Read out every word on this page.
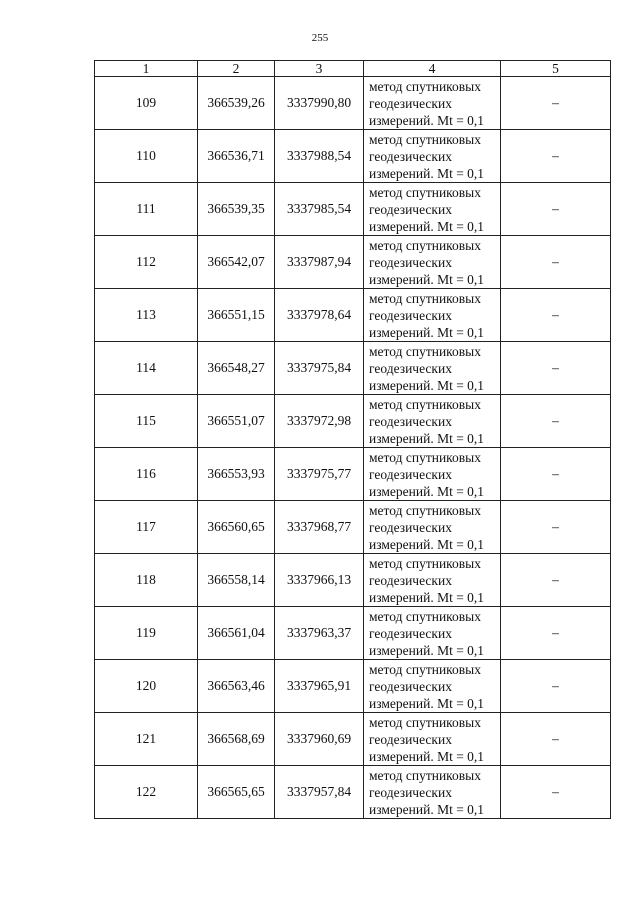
255
1	2	3	4	5
109	366539,26	3337990,80	метод спутниковых
геодезических
измерений. Mt = 0,1	–
110	366536,71	3337988,54	метод спутниковых
геодезических
измерений. Mt = 0,1	–
111	366539,35	3337985,54	метод спутниковых
геодезических
измерений. Mt = 0,1	–
112	366542,07	3337987,94	метод спутниковых
геодезических
измерений. Mt = 0,1	–
113	366551,15	3337978,64	метод спутниковых
геодезических
измерений. Mt = 0,1	–
114	366548,27	3337975,84	метод спутниковых
геодезических
измерений. Mt = 0,1	–
115	366551,07	3337972,98	метод спутниковых
геодезических
измерений. Mt = 0,1	–
116	366553,93	3337975,77	метод спутниковых
геодезических
измерений. Mt = 0,1	–
117	366560,65	3337968,77	метод спутниковых
геодезических
измерений. Mt = 0,1	–
118	366558,14	3337966,13	метод спутниковых
геодезических
измерений. Mt = 0,1	–
119	366561,04	3337963,37	метод спутниковых
геодезических
измерений. Mt = 0,1	–
120	366563,46	3337965,91	метод спутниковых
геодезических
измерений. Mt = 0,1	–
121	366568,69	3337960,69	метод спутниковых
геодезических
измерений. Mt = 0,1	–
122	366565,65	3337957,84	метод спутниковых
геодезических
измерений. Mt = 0,1	–
